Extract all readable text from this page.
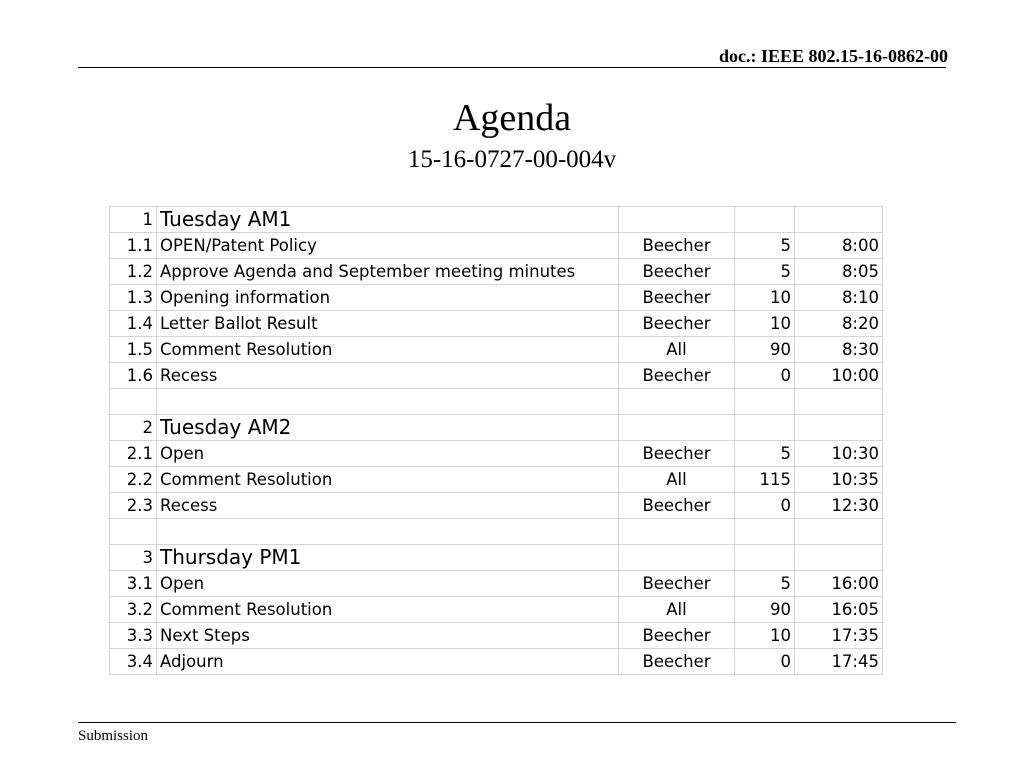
doc.: IEEE 802.15-16-0862-00
Agenda
15-16-0727-00-004v
1	Tuesday AM1			
1.1	OPEN/Patent Policy	Beecher	5	8:00
1.2	Approve Agenda and September meeting minutes	Beecher	5	8:05
1.3	Opening information	Beecher	10	8:10
1.4	Letter Ballot Result	Beecher	10	8:20
1.5	Comment Resolution	All	90	8:30
1.6	Recess	Beecher	0	10:00

2	Tuesday AM2			
2.1	Open	Beecher	5	10:30
2.2	Comment Resolution	All	115	10:35
2.3	Recess	Beecher	0	12:30

3	Thursday PM1			
3.1	Open	Beecher	5	16:00
3.2	Comment Resolution	All	90	16:05
3.3	Next Steps	Beecher	10	17:35
3.4	Adjourn	Beecher	0	17:45
Submission
